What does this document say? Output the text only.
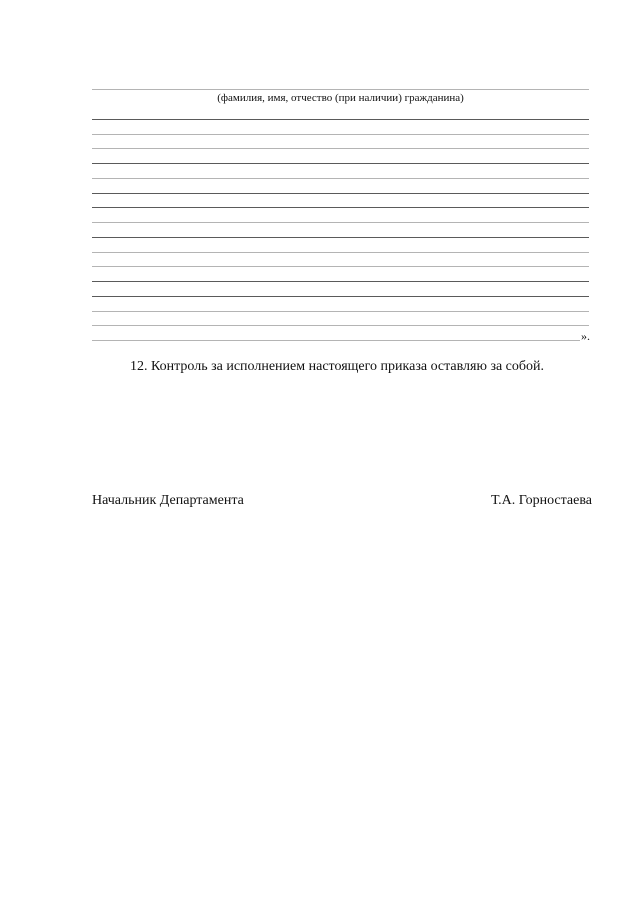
(фамилия, имя, отчество (при наличии) гражданина)
».
12. Контроль за исполнением настоящего приказа оставляю за собой.
Начальник Департамента	Т.А. Горностаева
